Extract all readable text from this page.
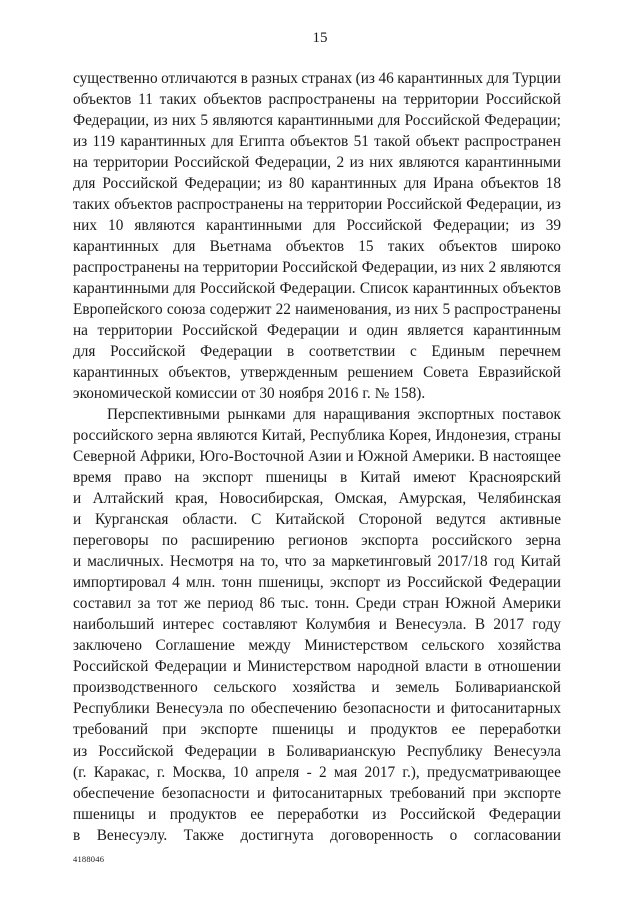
15
существенно отличаются в разных странах (из 46 карантинных для Турции
объектов 11 таких объектов распространены на территории Российской
Федерации, из них 5 являются карантинными для Российской Федерации;
из 119 карантинных для Египта объектов 51 такой объект распространен
на территории Российской Федерации, 2 из них являются карантинными
для Российской Федерации; из 80 карантинных для Ирана объектов 18
таких объектов распространены на территории Российской Федерации, из
них 10 являются карантинными для Российской Федерации; из 39
карантинных для Вьетнама объектов 15 таких объектов широко
распространены на территории Российской Федерации, из них 2 являются
карантинными для Российской Федерации. Список карантинных объектов
Европейского союза содержит 22 наименования, из них 5 распространены
на территории Российской Федерации и один является карантинным
для Российской Федерации в соответствии с Единым перечнем
карантинных объектов, утвержденным решением Совета Евразийской
экономической комиссии от 30 ноября 2016 г. № 158).
Перспективными рынками для наращивания экспортных поставок
российского зерна являются Китай, Республика Корея, Индонезия, страны
Северной Африки, Юго-Восточной Азии и Южной Америки. В настоящее
время право на экспорт пшеницы в Китай имеют Красноярский
и Алтайский края, Новосибирская, Омская, Амурская, Челябинская
и Курганская области. С Китайской Стороной ведутся активные
переговоры по расширению регионов экспорта российского зерна
и масличных. Несмотря на то, что за маркетинговый 2017/18 год Китай
импортировал 4 млн. тонн пшеницы, экспорт из Российской Федерации
составил за тот же период 86 тыс. тонн. Среди стран Южной Америки
наибольший интерес составляют Колумбия и Венесуэла. В 2017 году
заключено Соглашение между Министерством сельского хозяйства
Российской Федерации и Министерством народной власти в отношении
производственного сельского хозяйства и земель Боливарианской
Республики Венесуэла по обеспечению безопасности и фитосанитарных
требований при экспорте пшеницы и продуктов ее переработки
из Российской Федерации в Боливарианскую Республику Венесуэла
(г. Каракас, г. Москва, 10 апреля - 2 мая 2017 г.), предусматривающее
обеспечение безопасности и фитосанитарных требований при экспорте
пшеницы и продуктов ее переработки из Российской Федерации
в Венесуэлу. Также достигнута договоренность о согласовании
4188046
